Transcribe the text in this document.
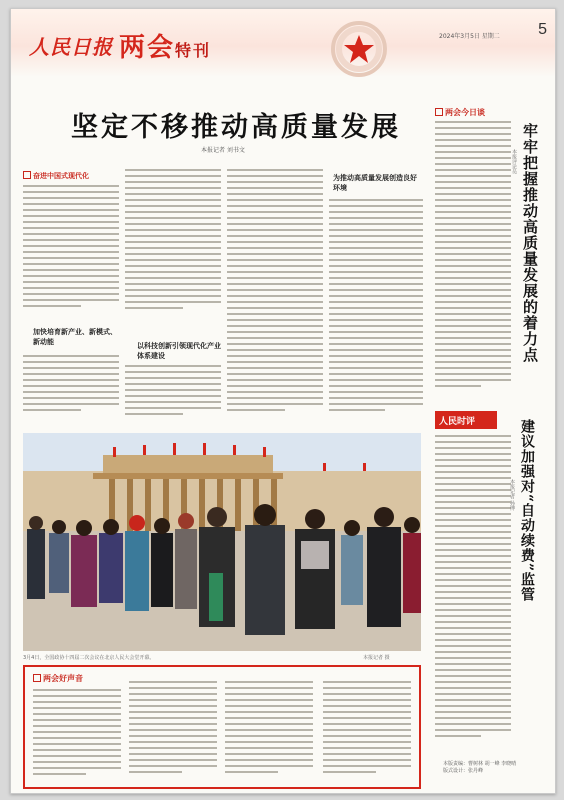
人民日报 两会特刊
2024年3月5日 星期二 5
坚定不移推动高质量发展
本报记者 刘书文
奋进中国式现代化
加快培育新产业、新模式、新动能	以科技创新引领现代化产业体系建设
为推动高质量发展创造良好环境
两会今日谈
牢牢把握推动高质量发展的着力点
本报评论员
人民时评	建议加强对“自动续费”监管
本报记者 孙博
3月4日，全国政协十四届二次会议在北京人民大会堂开幕。	本报记者 摄
两会好声音
本版责编：曹树林 胡一峰 李晓晴
版式设计：张丹峰
